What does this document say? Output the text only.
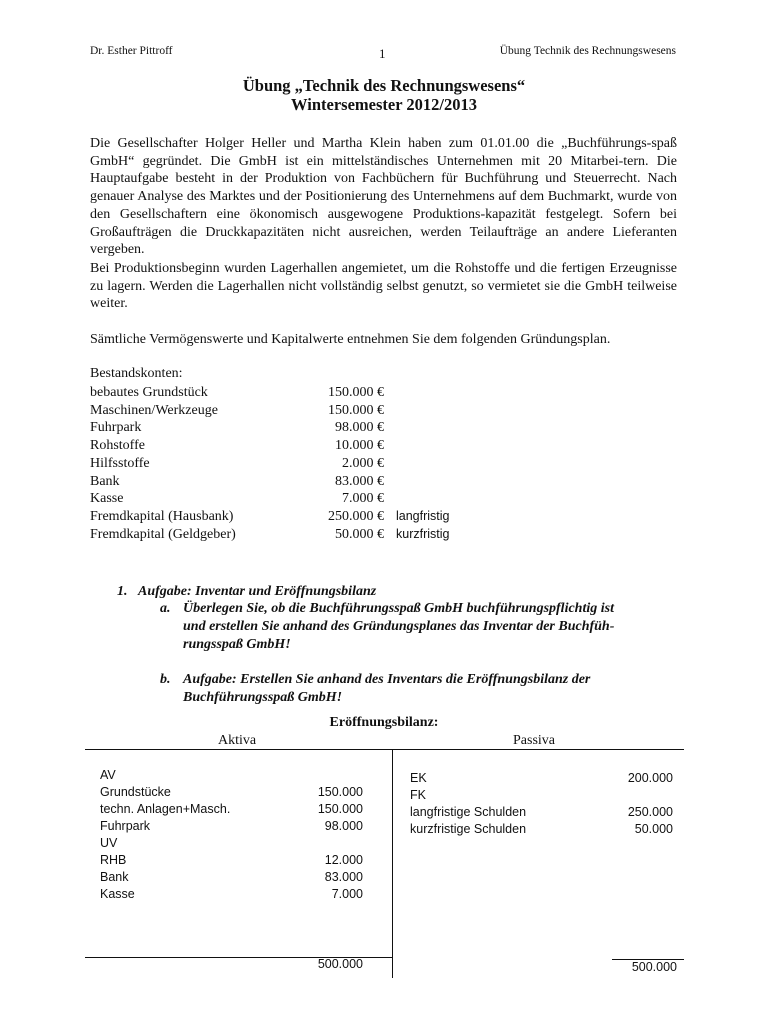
Dr. Esther Pittroff	1	Übung Technik des Rechnungswesens
Übung „Technik des Rechnungswesens“
Wintersemester 2012/2013

Die Gesellschafter Holger Heller und Martha Klein haben zum 01.01.00 die „Buchführungs-spaß GmbH“ gegründet. Die GmbH ist ein mittelständisches Unternehmen mit 20 Mitarbei-tern. Die Hauptaufgabe besteht in der Produktion von Fachbüchern für Buchführung und Steuerrecht. Nach genauer Analyse des Marktes und der Positionierung des Unternehmens auf dem Buchmarkt, wurde von den Gesellschaftern eine ökonomisch ausgewogene Produktions-kapazität festgelegt. Sofern bei Großaufträgen die Druckkapazitäten nicht ausreichen, werden Teilaufträge an andere Lieferanten vergeben.

Bei Produktionsbeginn wurden Lagerhallen angemietet, um die Rohstoffe und die fertigen Erzeugnisse zu lagern. Werden die Lagerhallen nicht vollständig selbst genutzt, so vermietet sie die GmbH teilweise weiter.

Sämtliche Vermögenswerte und Kapitalwerte entnehmen Sie dem folgenden Gründungsplan.

Bestandskonten:
bebautes Grundstück	150.000 €
Maschinen/Werkzeuge	150.000 €
Fuhrpark	98.000 €
Rohstoffe	10.000 €
Hilfsstoffe	2.000 €
Bank	83.000 €
Kasse	7.000 €
Fremdkapital (Hausbank)	250.000 € langfristig
Fremdkapital (Geldgeber)	50.000 € kurzfristig
1. Aufgabe: Inventar und Eröffnungsbilanz
a. Überlegen Sie, ob die Buchführungsspaß GmbH buchführungspflichtig ist
und erstellen Sie anhand des Gründungsplanes das Inventar der Buchfüh-
rungsspaß GmbH!
b. Aufgabe: Erstellen Sie anhand des Inventars die Eröffnungsbilanz der
Buchführungsspaß GmbH!
Eröffnungsbilanz:
Aktiva	Passiva
AV
Grundstücke	150.000
techn. Anlagen+Masch.	150.000
Fuhrpark	98.000
UV
RHB	12.000
Bank	83.000
Kasse	7.000
EK	200.000
FK
langfristige Schulden	250.000
kurzfristige Schulden	50.000
500.000	500.000
